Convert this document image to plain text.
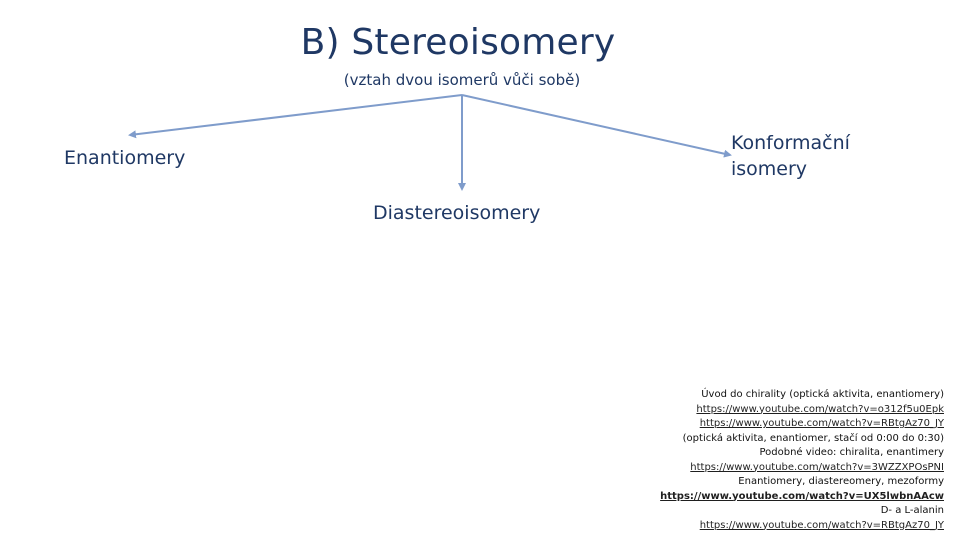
B) Stereoisomery
(vztah dvou isomerů vůči sobě)
Enantiomery
Konformační
isomery
Diastereoisomery
Úvod do chirality (optická aktivita, enantiomery)
https://www.youtube.com/watch?v=o312f5u0Epk
https://www.youtube.com/watch?v=RBtgAz70_JY
(optická aktivita, enantiomer, stačí od 0:00 do 0:30)
Podobné video: chiralita, enantimery
https://www.youtube.com/watch?v=3WZZXPOsPNI
Enantiomery, diastereomery, mezoformy
https://www.youtube.com/watch?v=UX5lwbnAAcw
D- a L-alanin
https://www.youtube.com/watch?v=RBtgAz70_JY
